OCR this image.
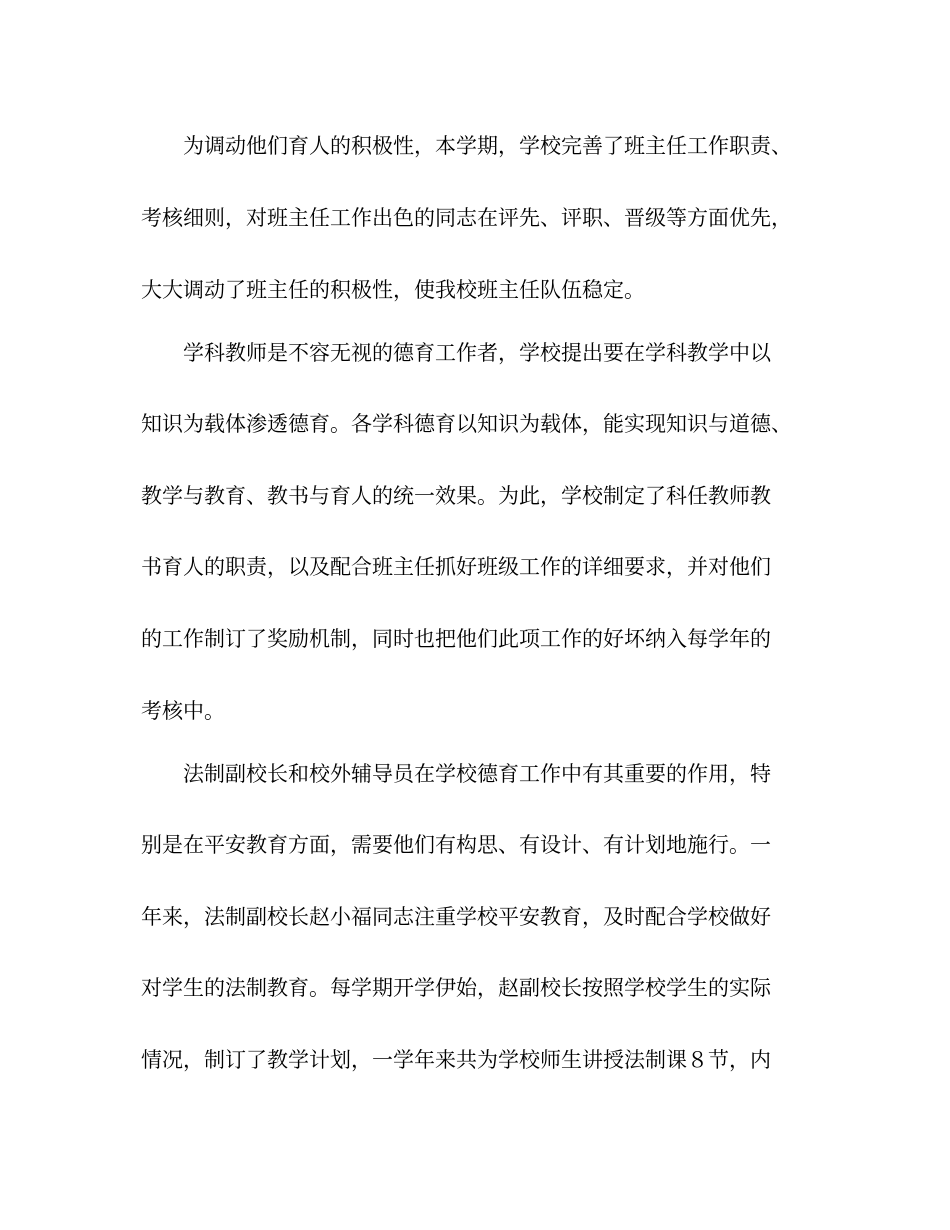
为调动他们育人的积极性，本学期，学校完善了班主任工作职责、
考核细则，对班主任工作出色的同志在评先、评职、晋级等方面优先，
大大调动了班主任的积极性，使我校班主任队伍稳定。
学科教师是不容无视的德育工作者，学校提出要在学科教学中以
知识为载体渗透德育。各学科德育以知识为载体，能实现知识与道德、
教学与教育、教书与育人的统一效果。为此，学校制定了科任教师教
书育人的职责，以及配合班主任抓好班级工作的详细要求，并对他们
的工作制订了奖励机制，同时也把他们此项工作的好坏纳入每学年的
考核中。
法制副校长和校外辅导员在学校德育工作中有其重要的作用，特
别是在平安教育方面，需要他们有构思、有设计、有计划地施行。一
年来，法制副校长赵小福同志注重学校平安教育，及时配合学校做好
对学生的法制教育。每学期开学伊始，赵副校长按照学校学生的实际
情况，制订了教学计划，一学年来共为学校师生讲授法制课８节，内
